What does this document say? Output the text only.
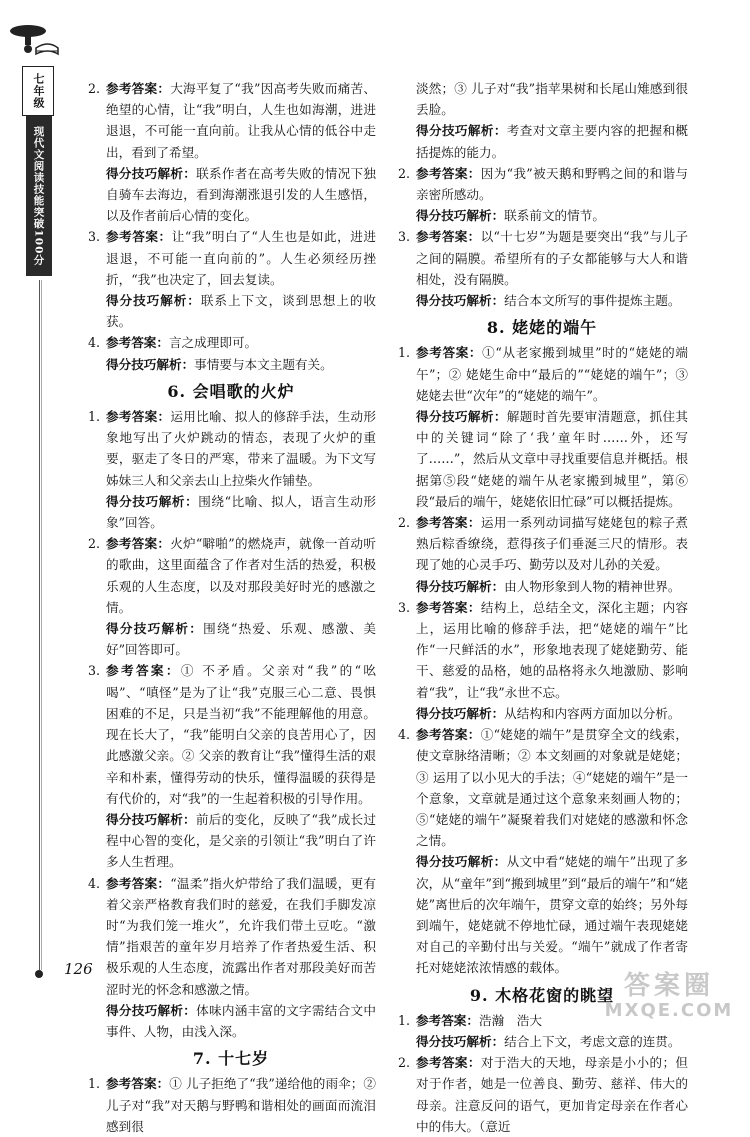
七年级
现代文阅读技能突破100分
126

2. 参考答案：大海平复了“我”因高考失败而痛苦、绝望的心情，让“我”明白，人生也如海潮，进进退退，不可能一直向前。让我从心情的低谷中走出，看到了希望。

得分技巧解析：联系作者在高考失败的情况下独自骑车去海边，看到海潮涨退引发的人生感悟，以及作者前后心情的变化。

3. 参考答案：让“我”明白了“人生也是如此，进进退退，不可能一直向前的”。人生必须经历挫折，“我”也决定了，回去复读。

得分技巧解析：联系上下文，谈到思想上的收获。

4. 参考答案：言之成理即可。

得分技巧解析：事情要与本文主题有关。

6. 会唱歌的火炉

1. 参考答案：运用比喻、拟人的修辞手法，生动形象地写出了火炉跳动的情态，表现了火炉的重要，驱走了冬日的严寒，带来了温暖。为下文写姊妹三人和父亲去山上拉柴火作铺垫。

得分技巧解析：围绕“比喻、拟人，语言生动形象”回答。

2. 参考答案：火炉“噼啪”的燃烧声，就像一首动听的歌曲，这里面蕴含了作者对生活的热爱，积极乐观的人生态度，以及对那段美好时光的感激之情。

得分技巧解析：围绕“热爱、乐观、感激、美好”回答即可。

3. 参考答案：① 不矛盾。父亲对“我”的“吆喝”、“嗔怪”是为了让“我”克服三心二意、畏惧困难的不足，只是当初“我”不能理解他的用意。现在长大了，“我”能明白父亲的良苦用心了，因此感激父亲。② 父亲的教育让“我”懂得生活的艰辛和朴素，懂得劳动的快乐，懂得温暖的获得是有代价的，对“我”的一生起着积极的引导作用。

得分技巧解析：前后的变化，反映了“我”成长过程中心智的变化，是父亲的引领让“我”明白了许多人生哲理。

4. 参考答案：“温柔”指火炉带给了我们温暖，更有着父亲严格教育我们时的慈爱，在我们手脚发凉时“为我们笼一堆火”，允许我们带土豆吃。“激情”指艰苦的童年岁月培养了作者热爱生活、积极乐观的人生态度，流露出作者对那段美好而苦涩时光的怀念和感激之情。

得分技巧解析：体味内涵丰富的文字需结合文中事件、人物，由浅入深。

7. 十七岁

1. 参考答案：① 儿子拒绝了“我”递给他的雨伞；② 儿子对“我”对天鹅与野鸭和谐相处的画面而流泪感到很

淡然；③ 儿子对“我”指苹果树和长尾山雉感到很丢脸。

得分技巧解析：考查对文章主要内容的把握和概括提炼的能力。

2. 参考答案：因为“我”被天鹅和野鸭之间的和谐与亲密所感动。

得分技巧解析：联系前文的情节。

3. 参考答案：以“十七岁”为题是要突出“我”与儿子之间的隔膜。希望所有的子女都能够与大人和谐相处，没有隔膜。

得分技巧解析：结合本文所写的事件提炼主题。

8. 姥姥的端午

1. 参考答案：①“从老家搬到城里”时的“姥姥的端午”；② 姥姥生命中“最后的”“姥姥的端午”；③ 姥姥去世“次年”的“姥姥的端午”。

得分技巧解析：解题时首先要审清题意，抓住其中的关键词“除了‘我’童年时……外，还写了……”，然后从文章中寻找重要信息并概括。根据第⑤段“姥姥的端午从老家搬到城里”，第⑥段“最后的端午，姥姥依旧忙碌”可以概括提炼。

2. 参考答案：运用一系列动词描写姥姥包的粽子煮熟后粽香缭绕，惹得孩子们垂涎三尺的情形。表现了她的心灵手巧、勤劳以及对儿孙的关爱。

得分技巧解析：由人物形象到人物的精神世界。

3. 参考答案：结构上，总结全文，深化主题；内容上，运用比喻的修辞手法，把“姥姥的端午”比作“一尺鲜活的水”，形象地表现了姥姥勤劳、能干、慈爱的品格，她的品格将永久地激励、影响着“我”，让“我”永世不忘。

得分技巧解析：从结构和内容两方面加以分析。

4. 参考答案：①“姥姥的端午”是贯穿全文的线索，使文章脉络清晰；② 本文刻画的对象就是姥姥；③ 运用了以小见大的手法；④“姥姥的端午”是一个意象，文章就是通过这个意象来刻画人物的；⑤“姥姥的端午”凝聚着我们对姥姥的感激和怀念之情。

得分技巧解析：从文中看“姥姥的端午”出现了多次，从“童年”到“搬到城里”到“最后的端午”和“姥姥”离世后的次年端午，贯穿文章的始终；另外每到端午，姥姥就不停地忙碌，通过端午表现姥姥对自己的辛勤付出与关爱。“端午”就成了作者寄托对姥姥浓浓情感的载体。

9. 木格花窗的眺望

1. 参考答案：浩瀚　浩大

得分技巧解析：结合上下文，考虑文意的连贯。

2. 参考答案：对于浩大的天地，母亲是小小的；但对于作者，她是一位善良、勤劳、慈祥、伟大的母亲。注意反问的语气，更加肯定母亲在作者心中的伟大。（意近

答案圈
MXQE.COM
